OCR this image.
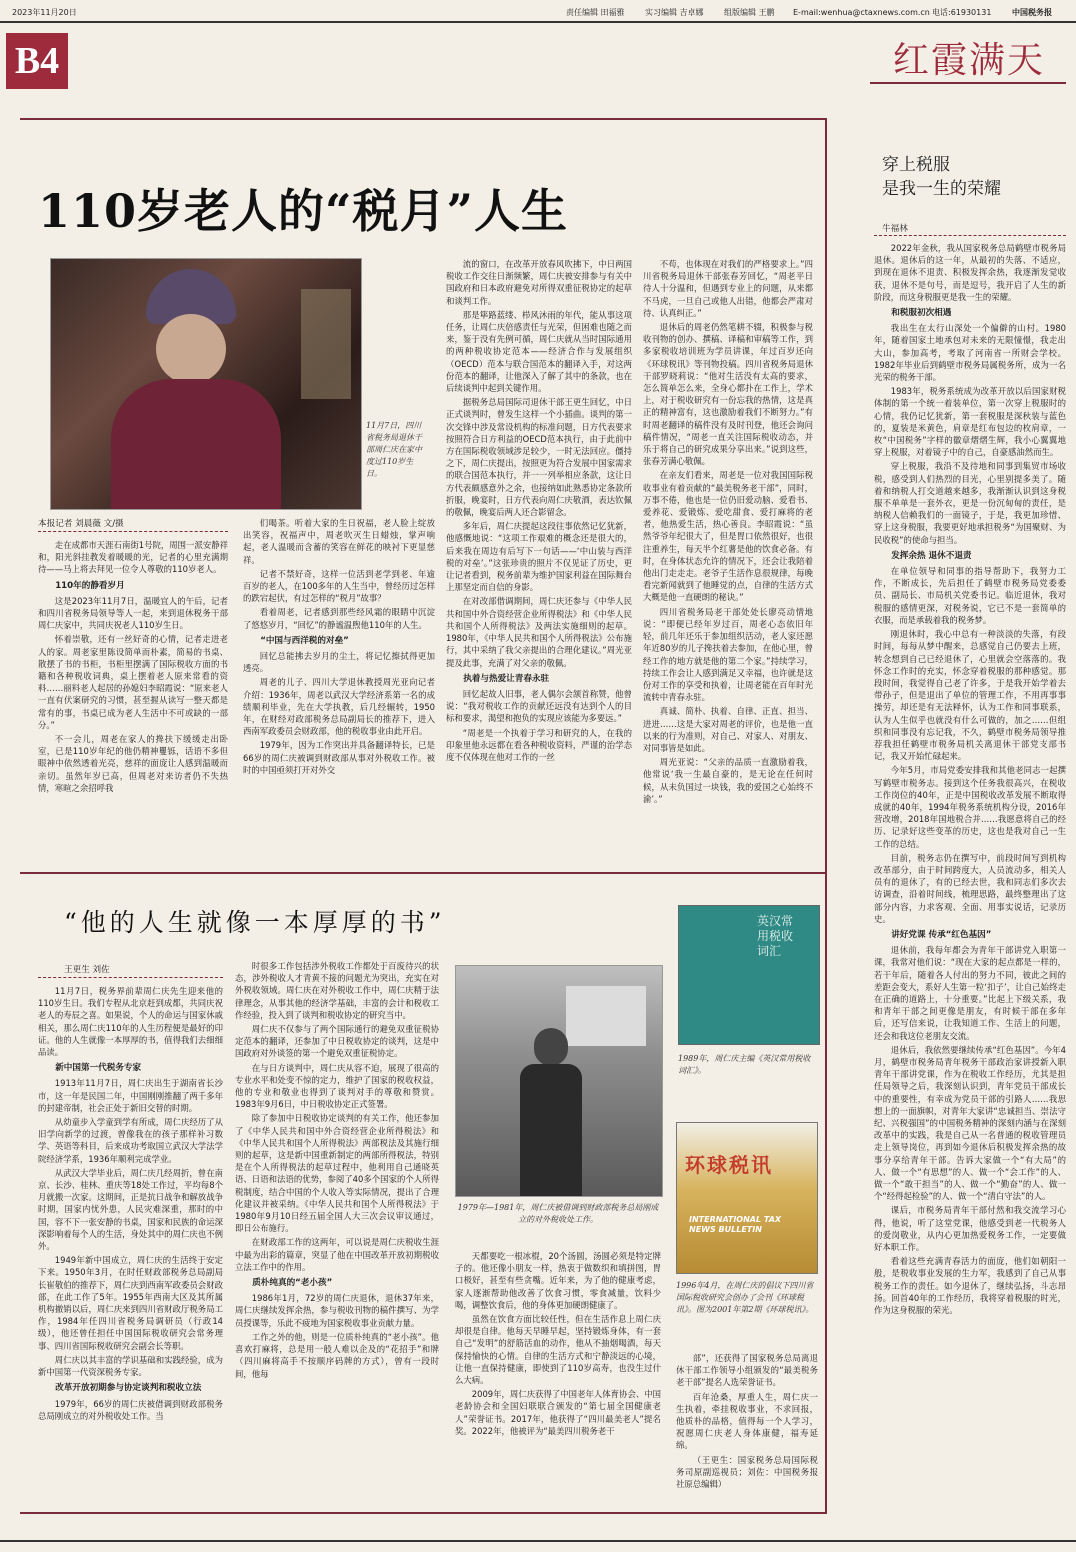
2023年11月20日	责任编辑 田福雅	实习编辑 吉卓娜	组版编辑 王鹏 E-mail:wenhua@ctaxnews.com.cn 电话:61930131	中国税务报
B4	红霞满天
110岁老人的“税月”人生
11月7日，四川省税务局退休干部周仁庆在家中度过110岁生日。
本报记者 刘晨薇 文/摄

走在成都市天涯石南街1号院，周围一派安静祥和，阳光斜挂教发着暖暖的光，记者的心里充满期待——马上将去拜见一位令人尊敬的110岁老人。

110年的静看岁月

这是2023年11月7日，温暖宜人的午后，记者和四川省税务局领导等人一起，来到退休税务干部周仁庆家中，共同庆祝老人110岁生日。

怀着崇敬，还有一丝好奇的心情，记者走进老人的家。周老家里陈设简单而朴素，简易的书桌、散摆了书的书柜，书柜里摆满了国际税收方面的书籍和各种税收词典，桌上摆着老人原来常看的资料……丽料老人起居的孙媳妇李昭霞说：“原来老人一直有伏案研究的习惯，甚至握从读写一整天都是常有的事，书桌已成为老人生活中不可或缺的一部分。”

不一会儿，周老在家人的搀扶下缓缓走出卧室，已是110岁年纪的他仍精神矍铄，话语不多但眼神中依然透着光亮，慈祥的面庞让人感到温暖而亲切。虽然年岁已高，但周老对来访者仍不失热情，寒暄之余招呼我

们喝茶。听着大家的生日祝福，老人脸上绽放出笑容，祝福声中，周老吹灭生日蜡烛，掌声响起，老人温暖而含蓄的笑容在鲜花的映衬下更显慈祥。

记者不禁好奇，这样一位活到老学到老、年逾百岁的老人，在100多年的人生当中，曾经历过怎样的跌宕起伏，有过怎样的“税月”故事？

看着周老，记者感到那些经风霜的眼睛中沉淀了悠悠岁月，“回忆”的静谧温煦他110年的人生。

“中国与西洋税的对垒”

回忆总能拂去岁月的尘土，将记忆擦拭得更加透亮。

周老的儿子、四川大学退休教授周光亚向记者介绍：1936年，周老以武汉大学经济系第一名的成绩顺利毕业，先在大学执教，后几经辗转，1950年，在财经对政部税务总局副局长的推荐下，进入西南军政委员会财政部，他的税收事业由此开启。

1979年，因为工作突出并具备翻译特长，已是66岁的周仁庆被调到财政部从事对外税收工作。被时的中国亟须打开对外交

流的窗口，在改革开放春风吹拂下，中日两国税收工作交往日渐频繁，周仁庆被安排参与有关中国政府和日本政府避免对所得双重征税协定的起草和谈判工作。

那是筚路蓝缕、栉风沐雨的年代，能从事这项任务，让周仁庆倍感责任与光荣，但困难也随之而来，鉴于没有先例可循，周仁庆就从当时国际通用的两种税收协定范本——经济合作与发展组织（OECD）范本与联合国范本的翻译入手，对这两份范本的翻译，让他深入了解了其中的条款，也在后续谈判中起到关键作用。

据税务总局国际司退休干部王更生回忆，中日正式谈判时，曾发生这样一个小插曲。谈判的第一次交锋中涉及常设机构的标准问题，日方代表要求按照符合日方利益的OECD范本执行，由于此前中方在国际税收领域涉足较少，一时无法回应。僵持之下，周仁庆提出，按照更为符合发展中国家需求的联合国范本执行，并一一列举相应条款，这让日方代表颇感意外之余，也接纳如此熟悉协定条款所折服，晚宴时，日方代表向周仁庆敬酒，表达钦佩的敬佩，晚宴后两人还合影留念。

多年后，周仁庆提起这段往事依然记忆犹新，他感慨地说：“这项工作艰难的概念还是很大的，后来我在周边有后写下一句话——‘中山装与西洋税的对垒’。”这张珍贵的照片不仅见证了历史，更让记者看到，税务前辈为维护国家利益在国际舞台上那坚定而自信的身影。

在对改部借调期间，周仁庆还参与《中华人民共和国中外合资经营企业所得税法》和《中华人民共和国个人所得税法》及两法实施细则的起草。1980年，《中华人民共和国个人所得税法》公布施行，其中采纳了我父亲提出的合理化建议。”周光亚提及此事，充满了对父亲的敬佩。

执着与热爱让青春永驻

回忆起故人旧事，老人偶尔会颔首称赞，他曾说：“我对税收工作的贡献还远没有达到个人的目标和要求，渴望和抱负的实现应该能为多要远。”

“周老是一个执着于学习和研究的人，在我的印象里他永远都在看各种税收资料，严谨的治学态度不仅体现在他对工作的一丝

不苟，也体现在对我们的严格要求上。”四川省税务局退休干部张春芳回忆，“周老平日待人十分温和，但遇到专业上的问题，从来都不马虎，一旦自己或他人出错，他都会严肃对待、认真纠正。”

退休后的周老仍然笔耕不辍，积极参与税收刊物的创办、撰稿、译稿和审稿等工作，到多家税收培训班为学员讲课，年过百岁还向《环球税讯》等刊物投稿。四川省税务局退休干部罗晓莉说：“他对生活没有太高的要求，怎么简单怎么来，全身心都扑在工作上，学术上，对于税收研究有一份忘我的热情，这是真正的精神富有，这也激励着我们不断努力。”有时周老翻译的稿件没有及时刊登，他还会询问稿件情况，“周老一直关注国际税收动态，并乐于将自己的研究成果分享出来。”说到这些，张春芳满心敬佩。

在亲友们看来，周老是一位对我国国际税收事业有着贡献的“最美税务老干部”，同时，万事不倦，他也是一位仍旧爱动脑、爱看书、爱养花、爱锻炼、爱吃甜食、爱打麻将的老者，他热爱生活，热心善良。李昭霞说：“虽然爷爷年纪很大了，但是胃口依然很好，也很注重养生，每天半个红薯是他的饮食必备。有时，在身体状态允许的情况下，还会让我陪着他出门走走走。老爷子生活作息很规律，每晚看完新闻就到了他睡觉的点，自律的生活方式大概是他一直硬朗的秘诀。”

四川省税务局老干部处处长廖亮动情地说：“即便已经年岁过百，周老心态依旧年轻，前几年还乐于参加组织活动，老人家还愿年近80岁的儿子搀扶着去参加，在他心里，曾经工作的地方就是他的第二个家。”持续学习，持续工作会让人感到满足又幸福，也许就是这份对工作的享受和执着，让周老能在百年时光流转中青春永驻。

真诚、简朴、执着、自律、正直、担当、进进……这是大家对周老的评价，也是他一直以来的行为准则，对自己、对家人、对朋友、对同事皆是如此。

周光亚说：“父亲的品质一直激励着我，他常说‘我一生最自豪的，是无论在任何时候，从未负国过一块钱，我的爱国之心始终不渝’。”

“他的人生就像一本厚厚的书”
王更生 刘佐

11月7日，税务界前辈周仁庆先生迎来他的110岁生日。我们专程从北京赶到成都，共同庆祝老人的寿辰之喜。如果说，个人的命运与国家休戚相关，那么周仁庆110年的人生历程便是最好的印证。他的人生就像一本厚厚的书，值得我们去细细品读。

新中国第一代税务专家

1913年11月7日，周仁庆出生于湖南省长沙市，这一年是民国二年，中国刚刚推翻了两千多年的封建帝制，社会正处于新旧交替的时期。

从幼童步入学童到学有所成，周仁庆经历了从旧学向新学的过渡，曾像我在的孩子那样补习数学、英语等科目，后来成功考取国立武汉大学法学院经济学系，1936年顺利完成学业。

从武汉大学毕业后，周仁庆几经周折，曾在南京、长沙、桂林、重庆等18处工作过，平均每8个月就搬一次家。这期间，正是抗日战争和解放战争时期，国家内忧外患，人民灾难深重，那时的中国，容不下一张安静的书桌，国家和民族的命运深深影响着每个人的生活，身处其中的周仁庆也不例外。

1949年新中国成立，周仁庆的生活终于安定下来。1950年3月，在时任财政部税务总局副局长崔敬伯的推荐下，周仁庆到西南军政委员会财政部，在此工作了5年。1955年西南大区及其所属机构撤销以后，周仁庆来到四川省财政厅税务局工作，1984年任四川省税务局调研员（行政14级），他还曾任担任中国国际税收研究会常务理事、四川省国际税收研究会副会长等职。

周仁庆以其丰富的学识基础和实践经验，成为新中国第一代资深税务专家。

改革开放初期参与协定谈判和税收立法

1979年，66岁的周仁庆被借调到财政部税务总局刚成立的对外税收处工作。当

时很多工作包括涉外税收工作都处于百废待兴的状态，涉外税收人才青黄不接的问题尤为突出，充实在对外税收领域。周仁庆在对外税收工作中，周仁庆精于法律理念，从事其他的经济学基础，丰富的会计和税收工作经验，投入到了谈判和税收协定的研究当中。

周仁庆不仅参与了两个国际通行的避免双重征税协定范本的翻译，还参加了中日税收协定的谈判，这是中国政府对外谈签的第一个避免双重征税协定。

在与日方谈判中，周仁庆从容不迫，展现了很高的专业水平和处变不惊的定力，维护了国家的税收权益，他的专业和敬业也得到了谈判对手的尊敬和赞赏。1983年9月6日，中日税收协定正式签署。

除了参加中日税收协定谈判的有关工作，他还参加了《中华人民共和国中外合资经营企业所得税法》和《中华人民共和国个人所得税法》两部税法及其施行细则的起草，这是新中国重新制定的两部所得税法，特别是在个人所得税法的起草过程中，他利用自己通晓英语、日语和法语的优势，参阅了40多个国家的个人所得税制度，结合中国的个人收入等实际情况，提出了合理化建议并被采纳。《中华人民共和国个人所得税法》于1980年9月10日经五届全国人大三次会议审议通过，即日公布施行。

在财政部工作的这两年，可以说是周仁庆税收生涯中最为出彩的篇章，突显了他在中国改革开放初期税收立法工作中的作用。

质朴纯真的“老小孩”

1986年1月，72岁的周仁庆退休，退休37年来，周仁庆继续发挥余热，参与税收刊物的稿件撰写、为学员授课等，乐此不疲地为国家税收事业贡献力量。

工作之外的他，则是一位质朴纯真的“老小孩”。他喜欢打麻将，总是用一般人难以企及的“花招手”和牌（四川麻将高手不按顺序码牌的方式），曾有一段时间，他每

1979年—1981年，周仁庆被借调到财政部税务总局刚成立的对外税收处工作。

天都要吃一根冰棍，20个汤圆，汤圆必须是特定牌子的。他还像小朋友一样，热衷于做数织和填拼图，胃口极好，甚至有些贪嘴。近年来，为了他的健康考虑，家人逐渐帮助他改善了饮食习惯，零食减量，饮料少喝，调整饮食后，他的身体更加硬朗健康了。

虽然在饮食方面比较任性，但在生活作息上周仁庆却很是自律。他每天早睡早起，坚持锻炼身体，有一套自己“发明”的舒筋活血的动作，他从不抽烟喝酒，每天保持愉快的心情。自律的生活方式和宁静淡远的心境，让他一直保持健康，即使到了110岁高寿，也没生过什么大病。

2009年，周仁庆获得了中国老年人体育协会、中国老龄协会和全国妇联联合颁发的“第七届全国健康老人”荣誉证书。2017年，他获得了“四川最美老人”提名奖。2022年，他被评为“最美四川税务老干

英汉常用税收词汇
1989年，周仁庆主编《英汉常用税收词汇》。
环球税讯
INTERNATIONAL TAX NEWS BULLETIN
1996年4月，在周仁庆的倡议下四川省国际税收研究会创办了会刊《环球税讯》。图为2001年第2期《环球税讯》。

部”，还获得了国家税务总局离退休干部工作领导小组颁发的“最美税务老干部”提名人选荣誉证书。

百年沧桑，厚重人生，周仁庆一生执着，牵挂税收事业，不求回报，他质朴的品格，值得每一个人学习，祝愿周仁庆老人身体康健，福寿延绵。

（王更生：国家税务总局国际税务司原副巡视员；刘佐：中国税务报社原总编辑）

穿上税服
是我一生的荣耀
牛福林

2022年金秋，我从国家税务总局鹤壁市税务局退休。退休后的这一年，从最初的失落、不适应，到现在退休不退责、积极发挥余热，我逐渐发觉收获，退休不是句号，而是逗号，我开启了人生的新阶段，而这身税服更是我一生的荣耀。

和税服初次相遇

我出生在太行山深处一个偏僻的山村。1980年，随着国家土地承包对未来的无限憧憬，我走出大山，参加高考，考取了河南省一所财会学校。1982年毕业后到鹤壁市税务局属税务所，成为一名光荣的税务干部。

1983年，税务系统成为改革开放以后国家财税体制的第一个统一着装单位，第一次穿上税服时的心情，我仍记忆犹新，第一套税服是深秋装与蓝色的，夏装是米黄色，肩章是红布包边的枚肩章，一枚“中国税务”字样的徽章熠熠生辉，我小心翼翼地穿上税服，对着镜子中的自己，自豪感油然而生。

穿上税服，我沿不及待地和同事到集贸市场收税，感受到人们热烈的目光，心里别提多美了。随着和纳税人打交道越来越多，我渐渐认识到这身税服不单单是一套外衣，更是一份沉甸甸的责任，是纳税人信赖我们的一面镜子，于是，我更加珍惜、穿上这身税服，我要更好地承担税务“为国聚财、为民收税”的使命与担当。

发挥余热 退休不退责

在单位领导和同事的指导帮助下，我努力工作，不断成长，先后担任了鹤壁市税务局党委委员、副局长、市局机关党委书记。临近退休，我对税服的感情更深，对税务说，它已不是一套简单的衣服，而是承载着我的税务梦。

刚退休时，我心中总有一种淡淡的失落，有段时间，每每从梦中醒来，总感觉自己仍要去上班，转念想到自己已经退休了，心里就会空落落的。我怀念工作时的充实，怀念穿着税服的那种感觉。那段时间，我觉得自己老了许多，于是我开始学着去带孙子，但是退出了单位的管理工作，不用再事事操劳，却还是有无法释怀，认为工作和同事联系，认为人生似乎也就没有什么可做的，加之……但组织和同事没有忘记我，不久，鹤壁市税务局领导推荐我担任鹤壁市税务局机关离退休干部党支部书记，我又开始忙碌起来。

今年5月，市局党委安排我和其他老同志一起撰写鹤壁市税务志。接到这个任务我很高兴，在税收工作岗位的40年，正是中国税收改革发展不断取得成就的40年，1994年税务系统机构分设，2016年营改增，2018年国地税合并……我愿意将自己的经历、记录好这些变革的历史，这也是我对自己一生工作的总结。

目前，税务志仍在撰写中，前段时间写到机构改革部分，由于时间跨度大，人员流动多，相关人员有的退休了，有的已经去世，我和同志们多次去访调查，沿着时间线，梳理思路，最终整理出了这部分内容，力求客观、全面、用事实说话，记录历史。

讲好党课 传承“红色基因”

退休前，我每年都会为青年干部讲党入职第一课，我常对他们说：“现在大家的起点都是一样的，若干年后，随着各人付出的努力不同，彼此之间的差距会变大，系好人生第一粒‘扣子’，让自己始终走在正确的道路上，十分重要。”比起上下级关系，我和青年干部之间更像是朋友，有时候干部在多年后，还写信来说，让我知道工作、生活上的问题，还会和我这位老朋友交流。

退休后，我依然要继续传承“红色基因”。今年4月，鹤壁市税务局青年税务干部政治家讲授新入职青年干部讲党课，作为在税收工作经历，尤其是担任局领导之后，我深刻认识到，青年党员干部成长中的重要性，有幸成为党员干部的引路人……我思想上的一面旗帜，对青年大家讲“忠诚担当、崇法守纪、兴税强国”的中国税务精神的深刻内涵与在深刻改革中的实践，我是自己从一名普通的税收管理员走上领导岗位，再到如今退休后积极发挥余热的故事分享给青年干部。告诉大家做一个“有大局”的人、做一个“有思想”的人、做一个“会工作”的人、做一个“敢干担当”的人、做一个“勤奋”的人、做一个“经得起检验”的人、做一个“清白守法”的人。

课后，市税务局青年干部付然和我交流学习心得，他说，听了这堂党课，他感受到老一代税务人的爱岗敬业，从内心更加热爱税务工作，一定要做好本职工作。

看着这些充满青春活力的面庞，他们如朝阳一般，是税收事业发展的生力军，我感到了自己从事税务工作的责任。如今退休了，继续弘扬，斗志昂扬。回首40年的工作经历，我将穿着税服的时光，作为这身税服的荣光。
